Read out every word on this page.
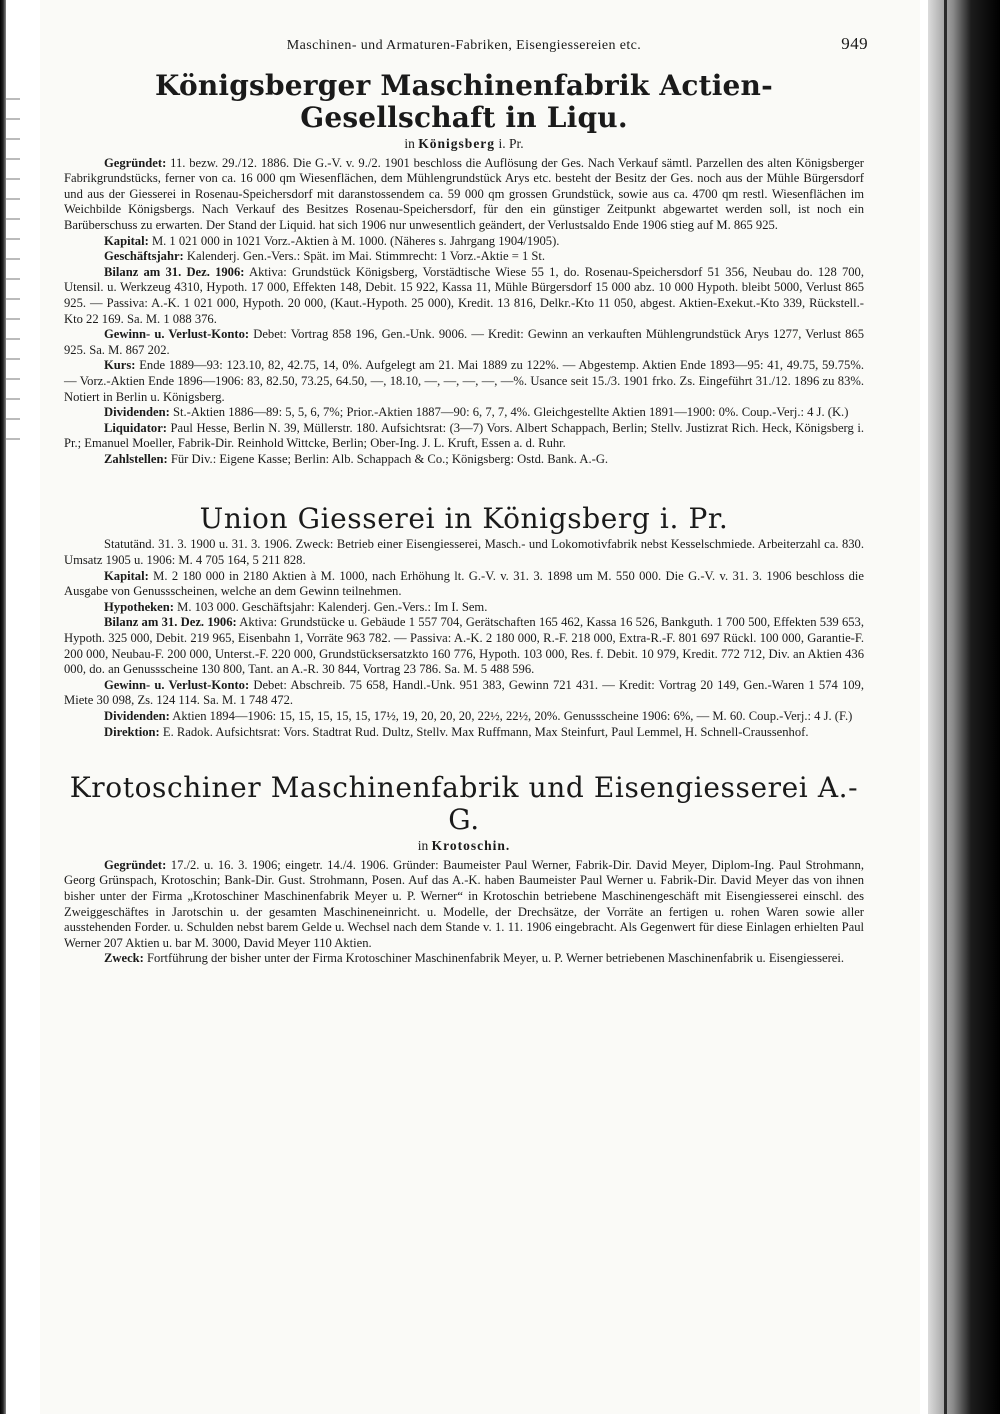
Maschinen- und Armaturen-Fabriken, Eisengiessereien etc.	949
Königsberger Maschinenfabrik Actien-Gesellschaft in Liqu.
in Königsberg i. Pr.

Gegründet: 11. bezw. 29./12. 1886. Die G.-V. v. 9./2. 1901 beschloss die Auflösung der Ges. Nach Verkauf sämtl. Parzellen des alten Königsberger Fabrikgrundstücks, ferner von ca. 16 000 qm Wiesenflächen, dem Mühlengrundstück Arys etc. besteht der Besitz der Ges. noch aus der Mühle Bürgersdorf und aus der Giesserei in Rosenau-Speichersdorf mit daranstossendem ca. 59 000 qm grossen Grundstück, sowie aus ca. 4700 qm restl. Wiesenflächen im Weichbilde Königsbergs. Nach Verkauf des Besitzes Rosenau-Speichersdorf, für den ein günstiger Zeitpunkt abgewartet werden soll, ist noch ein Barüberschuss zu erwarten. Der Stand der Liquid. hat sich 1906 nur unwesentlich geändert, der Verlustsaldo Ende 1906 stieg auf M. 865 925.

Kapital: M. 1 021 000 in 1021 Vorz.-Aktien à M. 1000. (Näheres s. Jahrgang 1904/1905).

Geschäftsjahr: Kalenderj. Gen.-Vers.: Spät. im Mai. Stimmrecht: 1 Vorz.-Aktie = 1 St.

Bilanz am 31. Dez. 1906: Aktiva: Grundstück Königsberg, Vorstädtische Wiese 55 1, do. Rosenau-Speichersdorf 51 356, Neubau do. 128 700, Utensil. u. Werkzeug 4310, Hypoth. 17 000, Effekten 148, Debit. 15 922, Kassa 11, Mühle Bürgersdorf 15 000 abz. 10 000 Hypoth. bleibt 5000, Verlust 865 925. — Passiva: A.-K. 1 021 000, Hypoth. 20 000, (Kaut.-Hypoth. 25 000), Kredit. 13 816, Delkr.-Kto 11 050, abgest. Aktien-Exekut.-Kto 339, Rückstell.-Kto 22 169. Sa. M. 1 088 376.

Gewinn- u. Verlust-Konto: Debet: Vortrag 858 196, Gen.-Unk. 9006. — Kredit: Gewinn an verkauften Mühlengrundstück Arys 1277, Verlust 865 925. Sa. M. 867 202.

Kurs: Ende 1889—93: 123.10, 82, 42.75, 14, 0%. Aufgelegt am 21. Mai 1889 zu 122%. — Abgestemp. Aktien Ende 1893—95: 41, 49.75, 59.75%. — Vorz.-Aktien Ende 1896—1906: 83, 82.50, 73.25, 64.50, —, 18.10, —, —, —, —, —%. Usance seit 15./3. 1901 frko. Zs. Eingeführt 31./12. 1896 zu 83%. Notiert in Berlin u. Königsberg.

Dividenden: St.-Aktien 1886—89: 5, 5, 6, 7%; Prior.-Aktien 1887—90: 6, 7, 7, 4%. Gleichgestellte Aktien 1891—1900: 0%. Coup.-Verj.: 4 J. (K.)

Liquidator: Paul Hesse, Berlin N. 39, Müllerstr. 180. Aufsichtsrat: (3—7) Vors. Albert Schappach, Berlin; Stellv. Justizrat Rich. Heck, Königsberg i. Pr.; Emanuel Moeller, Fabrik-Dir. Reinhold Wittcke, Berlin; Ober-Ing. J. L. Kruft, Essen a. d. Ruhr.

Zahlstellen: Für Div.: Eigene Kasse; Berlin: Alb. Schappach & Co.; Königsberg: Ostd. Bank. A.-G.

Union Giesserei in Königsberg i. Pr.

Statutänd. 31. 3. 1900 u. 31. 3. 1906. Zweck: Betrieb einer Eisengiesserei, Masch.- und Lokomotivfabrik nebst Kesselschmiede. Arbeiterzahl ca. 830. Umsatz 1905 u. 1906: M. 4 705 164, 5 211 828.

Kapital: M. 2 180 000 in 2180 Aktien à M. 1000, nach Erhöhung lt. G.-V. v. 31. 3. 1898 um M. 550 000. Die G.-V. v. 31. 3. 1906 beschloss die Ausgabe von Genussscheinen, welche an dem Gewinn teilnehmen.

Hypotheken: M. 103 000. Geschäftsjahr: Kalenderj. Gen.-Vers.: Im I. Sem.

Bilanz am 31. Dez. 1906: Aktiva: Grundstücke u. Gebäude 1 557 704, Gerätschaften 165 462, Kassa 16 526, Bankguth. 1 700 500, Effekten 539 653, Hypoth. 325 000, Debit. 219 965, Eisenbahn 1, Vorräte 963 782. — Passiva: A.-K. 2 180 000, R.-F. 218 000, Extra-R.-F. 801 697 Rückl. 100 000, Garantie-F. 200 000, Neubau-F. 200 000, Unterst.-F. 220 000, Grundstücksersatzkto 160 776, Hypoth. 103 000, Res. f. Debit. 10 979, Kredit. 772 712, Div. an Aktien 436 000, do. an Genussscheine 130 800, Tant. an A.-R. 30 844, Vortrag 23 786. Sa. M. 5 488 596.

Gewinn- u. Verlust-Konto: Debet: Abschreib. 75 658, Handl.-Unk. 951 383, Gewinn 721 431. — Kredit: Vortrag 20 149, Gen.-Waren 1 574 109, Miete 30 098, Zs. 124 114. Sa. M. 1 748 472.

Dividenden: Aktien 1894—1906: 15, 15, 15, 15, 15, 17½, 19, 20, 20, 20, 22½, 22½, 20%. Genussscheine 1906: 6%, — M. 60. Coup.-Verj.: 4 J. (F.)

Direktion: E. Radok. Aufsichtsrat: Vors. Stadtrat Rud. Dultz, Stellv. Max Ruffmann, Max Steinfurt, Paul Lemmel, H. Schnell-Craussenhof.

Krotoschiner Maschinenfabrik und Eisengiesserei A.-G.
in Krotoschin.

Gegründet: 17./2. u. 16. 3. 1906; eingetr. 14./4. 1906. Gründer: Baumeister Paul Werner, Fabrik-Dir. David Meyer, Diplom-Ing. Paul Strohmann, Georg Grünspach, Krotoschin; Bank-Dir. Gust. Strohmann, Posen. Auf das A.-K. haben Baumeister Paul Werner u. Fabrik-Dir. David Meyer das von ihnen bisher unter der Firma „Krotoschiner Maschinenfabrik Meyer u. P. Werner“ in Krotoschin betriebene Maschinengeschäft mit Eisengiesserei einschl. des Zweiggeschäftes in Jarotschin u. der gesamten Maschineneinricht. u. Modelle, der Drechsätze, der Vorräte an fertigen u. rohen Waren sowie aller ausstehenden Forder. u. Schulden nebst barem Gelde u. Wechsel nach dem Stande v. 1. 11. 1906 eingebracht. Als Gegenwert für diese Einlagen erhielten Paul Werner 207 Aktien u. bar M. 3000, David Meyer 110 Aktien.

Zweck: Fortführung der bisher unter der Firma Krotoschiner Maschinenfabrik Meyer, u. P. Werner betriebenen Maschinenfabrik u. Eisengiesserei.
